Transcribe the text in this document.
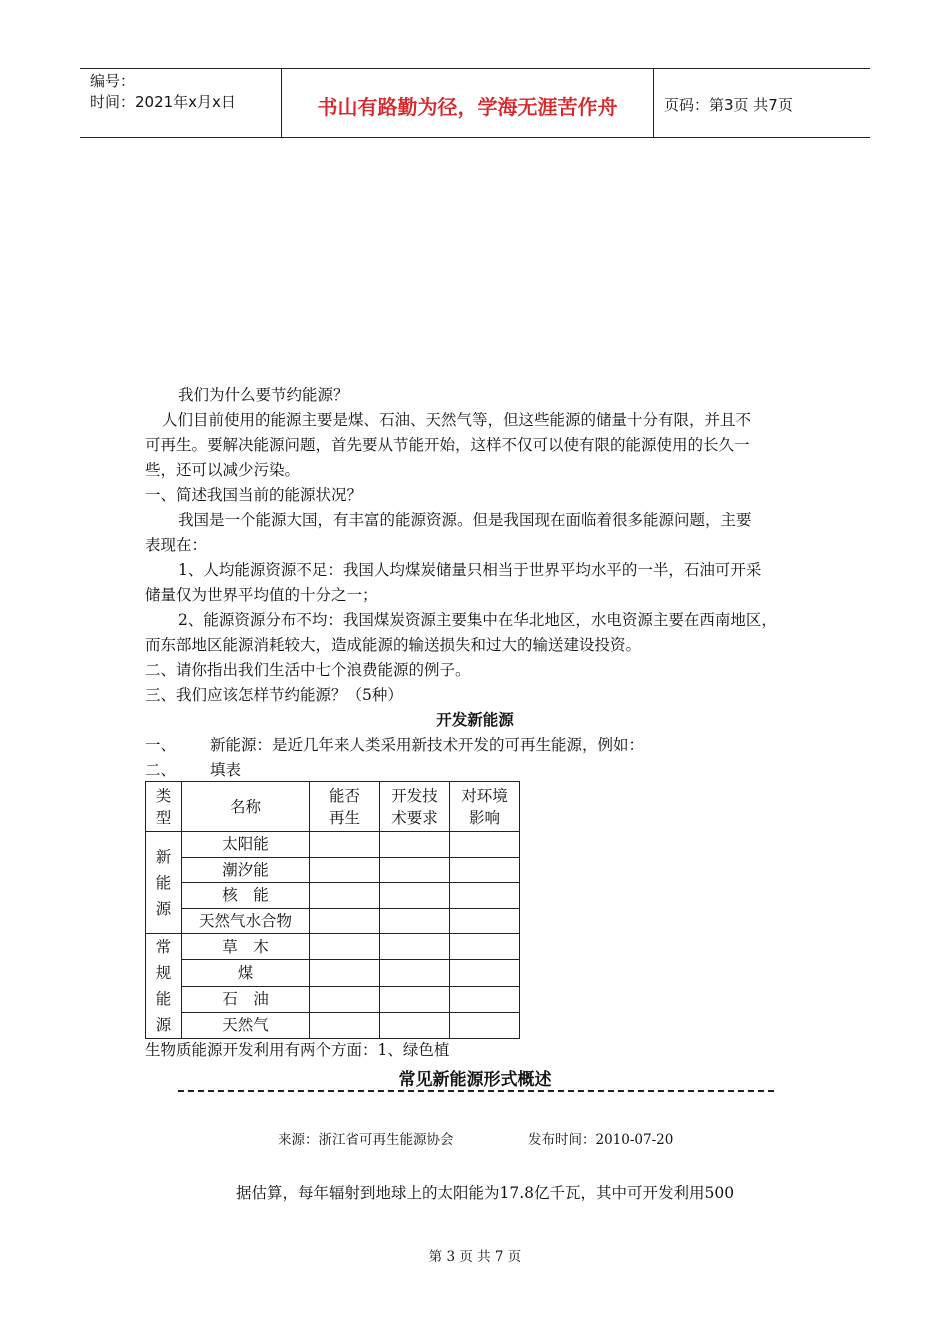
编号：
时间：2021年x月x日	书山有路勤为径，学海无涯苦作舟	页码：第3页 共7页
我们为什么要节约能源？
人们目前使用的能源主要是煤、石油、天然气等，但这些能源的储量十分有限，并且不
可再生。要解决能源问题，首先要从节能开始，这样不仅可以使有限的能源使用的长久一
些，还可以减少污染。
一、简述我国当前的能源状况？
我国是一个能源大国，有丰富的能源资源。但是我国现在面临着很多能源问题，主要
表现在：
1、人均能源资源不足：我国人均煤炭储量只相当于世界平均水平的一半，石油可开采
储量仅为世界平均值的十分之一；
2、能源资源分布不均：我国煤炭资源主要集中在华北地区，水电资源主要在西南地区，
而东部地区能源消耗较大，造成能源的输送损失和过大的输送建设投资。
二、请你指出我们生活中七个浪费能源的例子。
三、我们应该怎样节约能源？（5种）
开发新能源
一、 新能源：是近几年来人类采用新技术开发的可再生能源，例如：
二、 填表
类型	名称	能否再生	开发技术要求	对环境影响

新能源	太阳能			
	潮汐能			
	核　能			
	天然气水合物			

常规能源	草　木			
	煤			
	石　油			
	天然气			
生物质能源开发利用有两个方面：1、绿色植
常见新能源形式概述
来源：浙江省可再生能源协会	发布时间：2010-07-20
据估算，每年辐射到地球上的太阳能为17.8亿千瓦，其中可开发利用500
第 3 页 共 7 页
